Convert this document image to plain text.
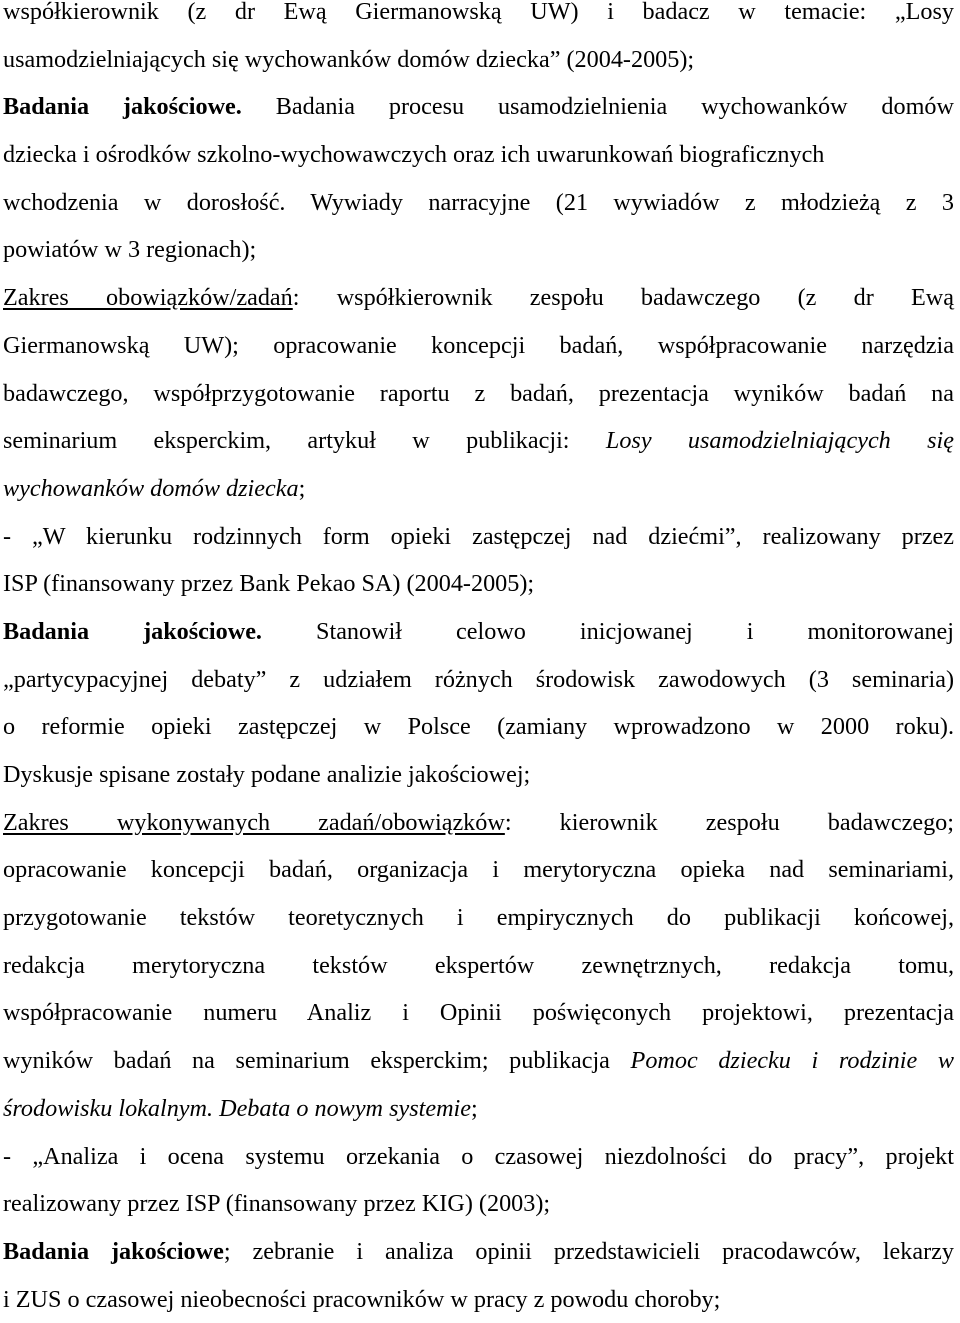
współkierownik (z dr Ewą Giermanowską UW) i badacz w temacie: „Losy
usamodzielniających się wychowanków domów dziecka” (2004-2005);
Badania jakościowe. Badania procesu usamodzielnienia wychowanków domów
dziecka i ośrodków szkolno-wychowawczych oraz ich uwarunkowań biograficznych
wchodzenia w dorosłość. Wywiady narracyjne (21 wywiadów z młodzieżą z 3
powiatów w 3 regionach);
Zakres obowiązków/zadań: współkierownik zespołu badawczego (z dr Ewą
Giermanowską UW); opracowanie koncepcji badań, współpracowanie narzędzia
badawczego, współprzygotowanie raportu z badań, prezentacja wyników badań na
seminarium eksperckim, artykuł w publikacji: Losy usamodzielniających się
wychowanków domów dziecka;
- „W kierunku rodzinnych form opieki zastępczej nad dziećmi”, realizowany przez
ISP (finansowany przez Bank Pekao SA) (2004-2005);
Badania jakościowe. Stanowił celowo inicjowanej i monitorowanej
„partycypacyjnej debaty” z udziałem różnych środowisk zawodowych (3 seminaria)
o reformie opieki zastępczej w Polsce (zamiany wprowadzono w 2000 roku).
Dyskusje spisane zostały podane analizie jakościowej;
Zakres wykonywanych zadań/obowiązków: kierownik zespołu badawczego;
opracowanie koncepcji badań, organizacja i merytoryczna opieka nad seminariami,
przygotowanie tekstów teoretycznych i empirycznych do publikacji końcowej,
redakcja merytoryczna tekstów ekspertów zewnętrznych, redakcja tomu,
współpracowanie numeru Analiz i Opinii poświęconych projektowi, prezentacja
wyników badań na seminarium eksperckim; publikacja Pomoc dziecku i rodzinie w
środowisku lokalnym. Debata o nowym systemie;
- „Analiza i ocena systemu orzekania o czasowej niezdolności do pracy”, projekt
realizowany przez ISP (finansowany przez KIG) (2003);
Badania jakościowe; zebranie i analiza opinii przedstawicieli pracodawców, lekarzy
i ZUS o czasowej nieobecności pracowników w pracy z powodu choroby;
